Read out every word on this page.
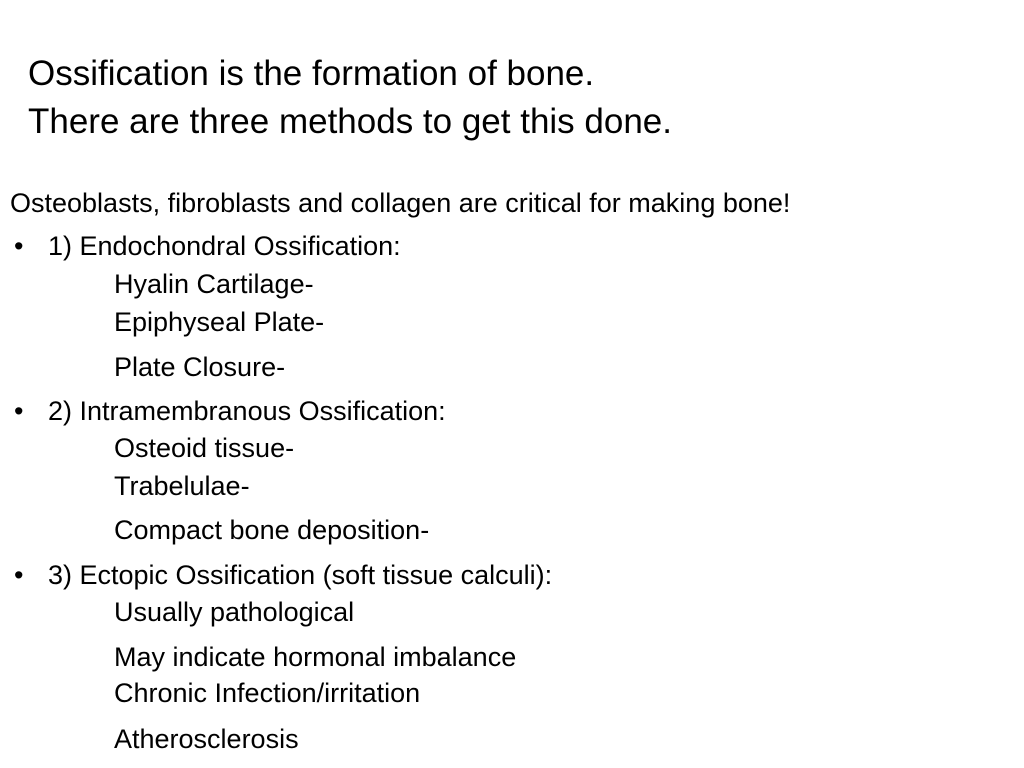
Ossification is the formation of bone.
There are three methods to get this done.
Osteoblasts, fibroblasts and collagen are critical for making bone!
• 1) Endochondral Ossification:
Hyalin Cartilage-
Epiphyseal Plate-
Plate Closure-
• 2) Intramembranous Ossification:
Osteoid tissue-
Trabelulae-
Compact bone deposition-
• 3) Ectopic Ossification (soft tissue calculi):
Usually pathological
May indicate hormonal imbalance
Chronic Infection/irritation
Atherosclerosis
